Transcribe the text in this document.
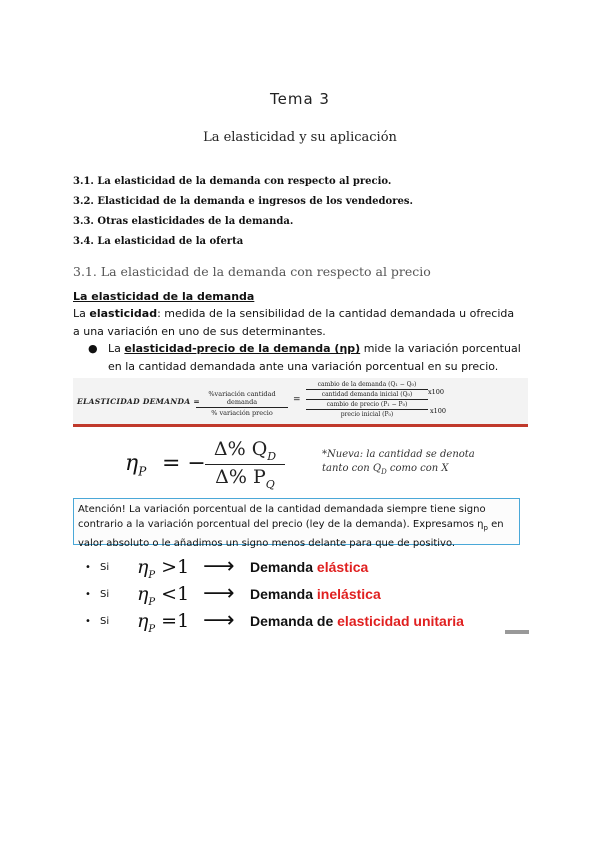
Tema 3
La elasticidad y su aplicación
3.1. La elasticidad de la demanda con respecto al precio.
3.2. Elasticidad de la demanda e ingresos de los vendedores.
3.3. Otras elasticidades de la demanda.
3.4. La elasticidad de la oferta
3.1. La elasticidad de la demanda con respecto al precio
La elasticidad de la demanda
La elasticidad: medida de la sensibilidad de la cantidad demandada u ofrecida a una variación en uno de sus determinantes.
● La elasticidad-precio de la demanda (ηp) mide la variación porcentual en la cantidad demandada ante una variación porcentual en su precio.
ELASTICIDAD DEMANDA =
%variación cantidad demanda
% variación precio
=
cambio de la demanda (Q₁ − Q₀)
cantidad demanda inicial (Q₀)
cambio de precio (P₁ − P₀)
precio inicial (P₀)
x100
x100
$\eta_P$ = −
Δ% $Q_D$
Δ% $P_Q$
*Nueva: la cantidad se denota
tanto con $Q_D$ como con X
Atención! La variación porcentual de la cantidad demandada siempre tiene signo contrario a la variación porcentual del precio (ley de la demanda). Expresamos $\eta_p$ en valor absoluto o le añadimos un signo menos delante para que de positivo.
• Si $\eta_P >1$ ⟶ Demanda elástica
• Si $\eta_P <1$ ⟶ Demanda inelástica
• Si $\eta_P =1$ ⟶ Demanda de elasticidad unitaria
